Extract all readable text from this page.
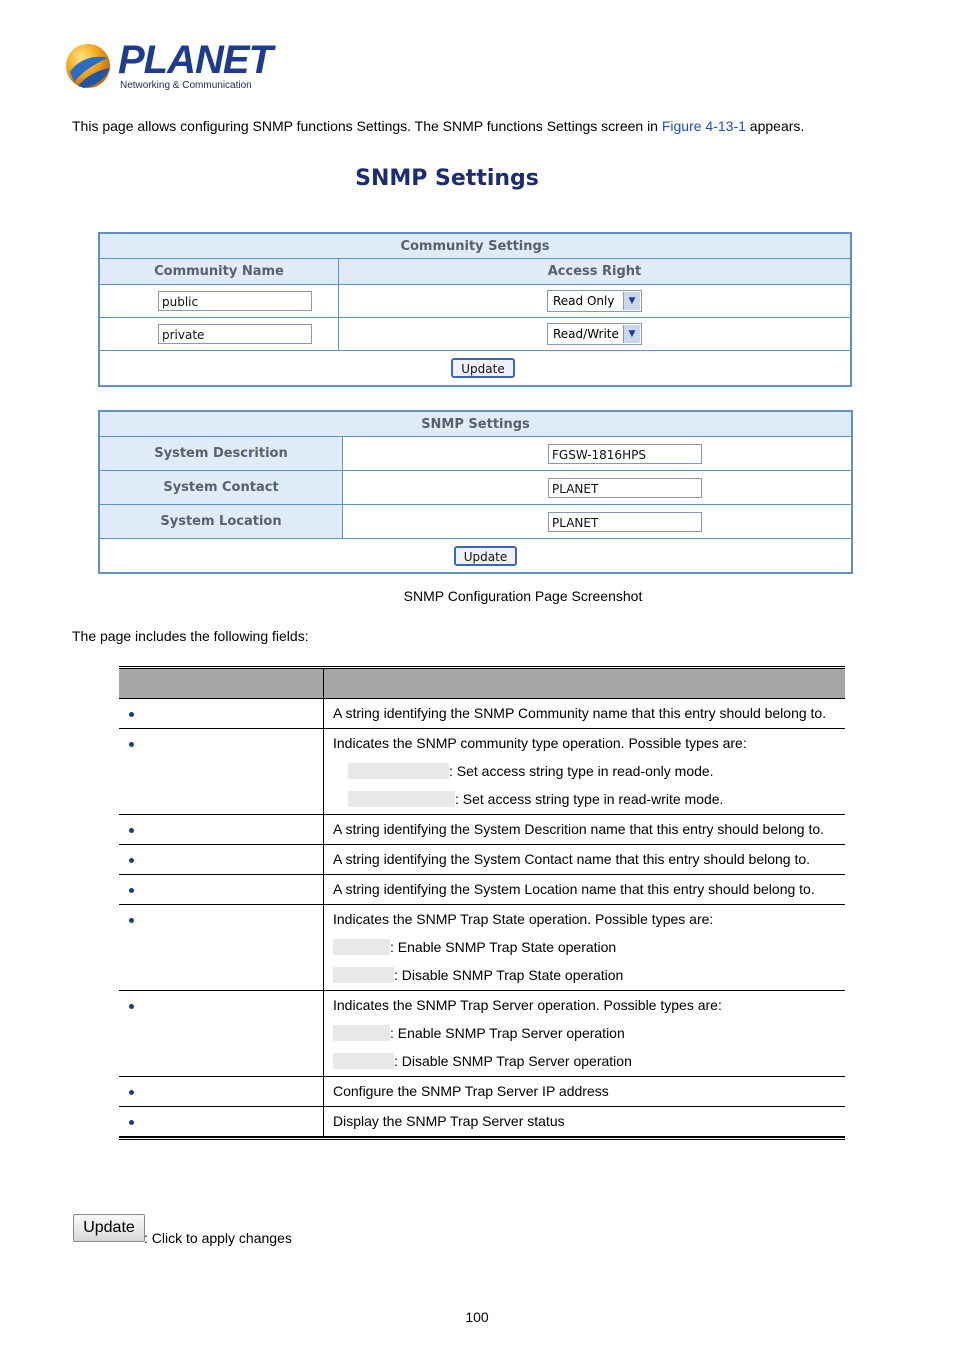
PLANET
Networking & Communication
This page allows configuring SNMP functions Settings. The SNMP functions Settings screen in Figure 4-13-1 appears.
SNMP Settings
Community Settings	
Community Name	Access Right

public	Read Only ▼

private	Read/Write ▼

Update	
SNMP Settings	
System Descrition	FGSW-1816HPS

System Contact	PLANET

System Location	PLANET

Update	
SNMP Configuration Page Screenshot
The page includes the following fields:

	A string identifying the SNMP Community name that this entry should belong to.

	Indicates the SNMP community type operation. Possible types are:
: Set access string type in read-only mode.
: Set access string type in read-write mode.

	A string identifying the System Descrition name that this entry should belong to.
	A string identifying the System Contact name that this entry should belong to.
	A string identifying the System Location name that this entry should belong to.

	Indicates the SNMP Trap State operation. Possible types are:
: Enable SNMP Trap State operation
: Disable SNMP Trap State operation

	Indicates the SNMP Trap Server operation. Possible types are:
: Enable SNMP Trap Server operation
: Disable SNMP Trap Server operation

	Configure the SNMP Trap Server IP address
	Display the SNMP Trap Server status
Update
: Click to apply changes
100
